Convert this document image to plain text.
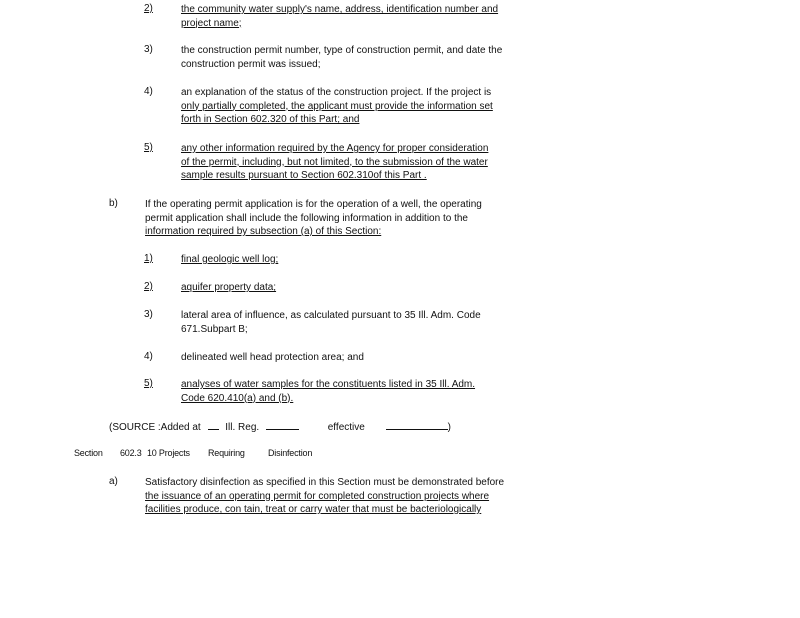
2)	the community water supply's name, address, identification number and
project name;
3)	the construction permit number, type of construction permit, and date the
construction permit was issued;
4)	an explanation of the status of the construction project. If the project is
only partially completed, the applicant must provide the information set
forth in Section 602.320 of this Part; and
5)	any other information required by the Agency for proper consideration
of the permit, including, but not limited, to the submission of the water
sample results pursuant to Section 602.310of this Part .
b)	If the operating permit application is for the operation of a well, the operating
permit application shall include the following information in addition to the
information required by subsection (a) of this Section:
1)	final geologic well log;
2)	aquifer property data;
3)	lateral area of influence, as calculated pursuant to 35 Ill. Adm. Code
671.Subpart B;
4)	delineated well head protection area; and
5)	analyses of water samples for the constituents listed in 35 Ill. Adm.
Code 620.410(a) and (b).
(SOURCE :Added at Ill. Reg.	effective	)
Section 602.3 10 Projects Requiring	Disinfection
a)	Satisfactory disinfection as specified in this Section must be demonstrated before
the issuance of an operating permit for completed construction projects where
facilities produce, con tain, treat or carry water that must be bacteriologically
